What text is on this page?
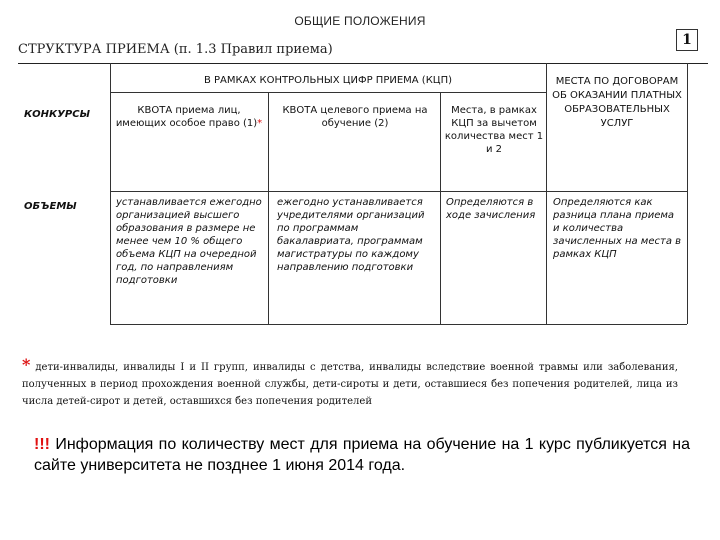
ОБЩИЕ ПОЛОЖЕНИЯ
1
СТРУКТУРА ПРИЕМА (п. 1.3 Правил приема)
В РАМКАХ КОНТРОЛЬНЫХ ЦИФР ПРИЕМА (КЦП)	МЕСТА ПО ДОГОВОРАМ ОБ ОКАЗАНИИ ПЛАТНЫХ ОБРАЗОВАТЕЛЬНЫХ УСЛУГ
КОНКУРСЫ
ОБЪЕМЫ
КВОТА приема лиц, имеющих особое право (1)*
КВОТА целевого приема на обучение (2)
Места, в рамках КЦП за вычетом количества мест 1 и 2
устанавливается ежегодно организацией высшего образования в размере не менее чем 10 % общего объема КЦП на очередной год, по направлениям подготовки
ежегодно устанавливается учредителями организаций по программам бакалавриата, программам магистратуры по каждому направлению подготовки
Определяются в ходе зачисления
Определяются как разница плана приема и количества зачисленных на места в рамках КЦП
* дети-инвалиды, инвалиды I и II групп, инвалиды с детства, инвалиды вследствие военной травмы или заболевания, полученных в период прохождения военной службы, дети-сироты и дети, оставшиеся без попечения родителей, лица из числа детей-сирот и детей, оставшихся без попечения родителей
!!! Информация по количеству мест для приема на обучение на 1 курс публикуется на сайте университета не позднее 1 июня 2014 года.
